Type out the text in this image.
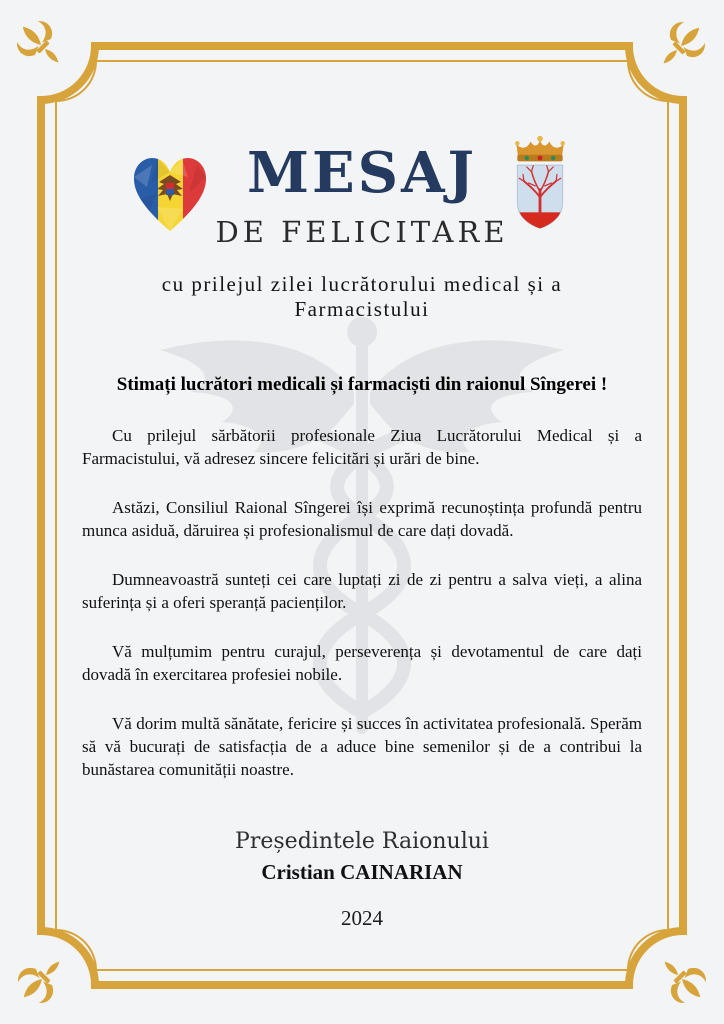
MESAJ
DE FELICITARE
cu prilejul zilei lucrătorului medical și a
Farmacistului
Stimați lucrători medicali și farmaciști din raionul Sîngerei !

Cu prilejul sărbătorii profesionale Ziua Lucrătorului Medical și a Farmacistului, vă adresez sincere felicitări și urări de bine.

Astăzi, Consiliul Raional Sîngerei își exprimă recunoștința profundă pentru munca asiduă, dăruirea și profesionalismul de care dați dovadă.

Dumneavoastră sunteți cei care luptați zi de zi pentru a salva vieți, a alina suferința și a oferi speranță pacienților.

Vă mulțumim pentru curajul, perseverența și devotamentul de care dați dovadă în exercitarea profesiei nobile.

Vă dorim multă sănătate, fericire și succes în activitatea profesională. Sperăm să vă bucurați de satisfacția de a aduce bine semenilor și de a contribui la bunăstarea comunității noastre.

Președintele Raionului
Cristian CAINARIAN
2024
